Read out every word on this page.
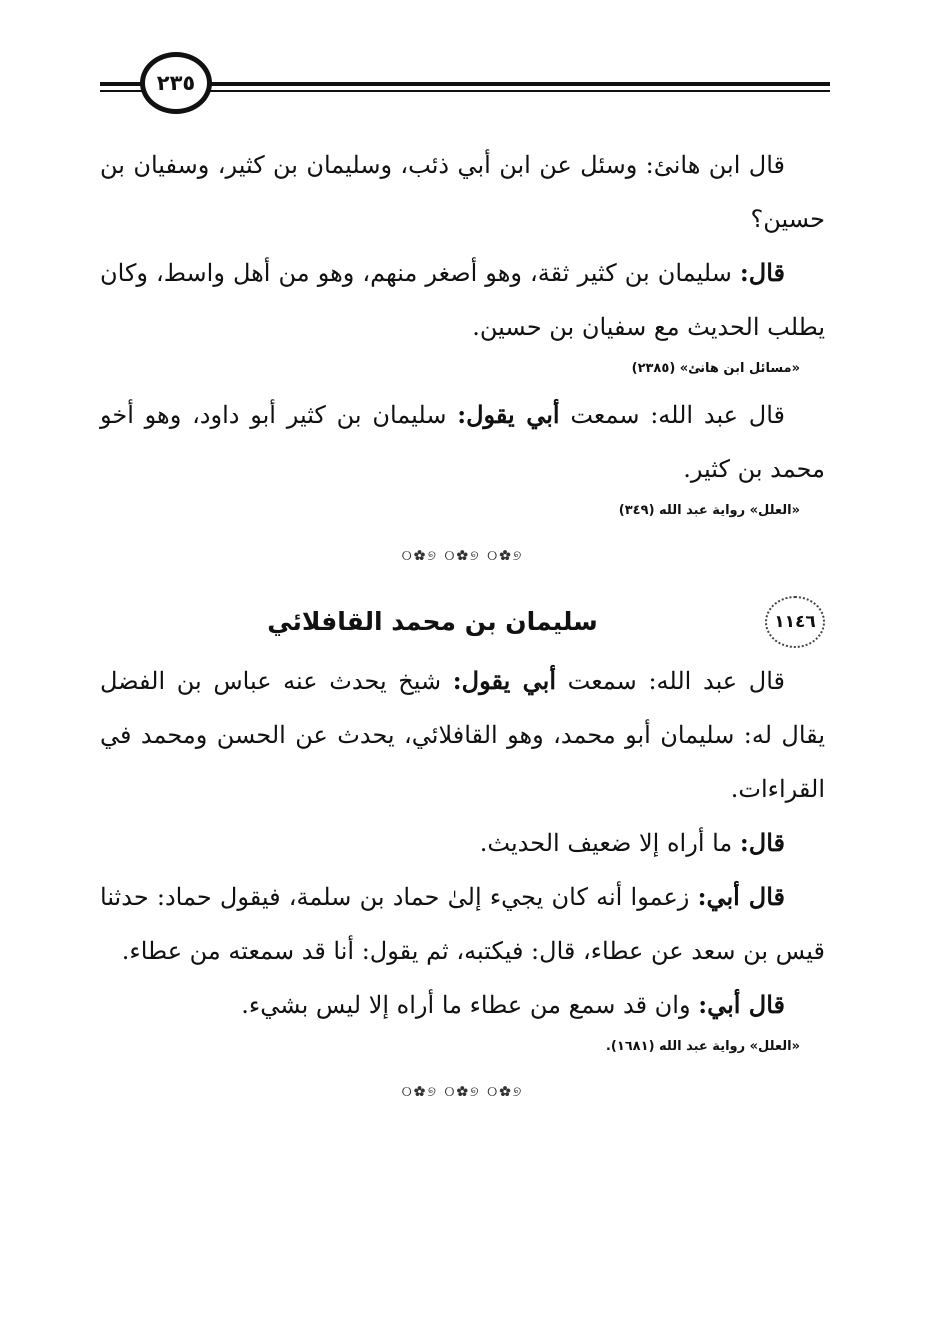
٢٣٥

قال ابن هانئ: وسئل عن ابن أبي ذئب، وسليمان بن كثير، وسفيان بن حسين؟

قال: سليمان بن كثير ثقة، وهو أصغر منهم، وهو من أهل واسط، وكان يطلب الحديث مع سفيان بن حسين.

«مسائل ابن هانئ» (٢٣٨٥)

قال عبد الله: سمعت أبي يقول: سليمان بن كثير أبو داود، وهو أخو محمد بن كثير.

«العلل» رواية عبد الله (٣٤٩)

୦✿୭ ୦✿୭ ୦✿୭
١١٤٦
سليمان بن محمد القافلائي

قال عبد الله: سمعت أبي يقول: شيخ يحدث عنه عباس بن الفضل يقال له: سليمان أبو محمد، وهو القافلائي، يحدث عن الحسن ومحمد في القراءات.

قال: ما أراه إلا ضعيف الحديث.

قال أبي: زعموا أنه كان يجيء إلىٰ حماد بن سلمة، فيقول حماد: حدثنا قيس بن سعد عن عطاء، قال: فيكتبه، ثم يقول: أنا قد سمعته من عطاء.

قال أبي: وان قد سمع من عطاء ما أراه إلا ليس بشيء.

«العلل» رواية عبد الله (١٦٨١).

୦✿୭ ୦✿୭ ୦✿୭
